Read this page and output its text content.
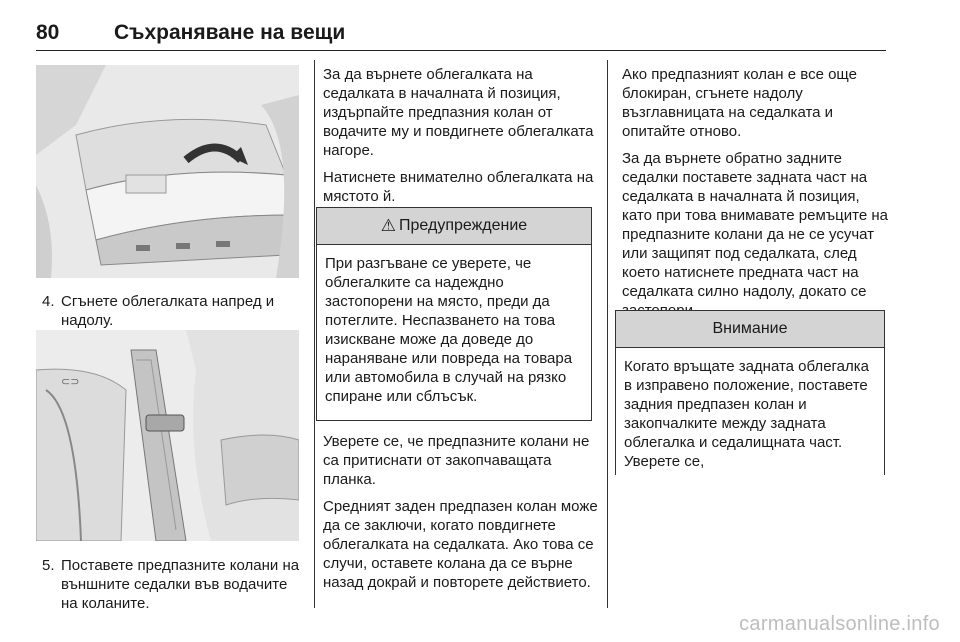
80	Съхраняване на вещи
4. Сгънете облегалката напред и надолу.
⊂⊃
5. Поставете предпазните колани на външните седалки във водачите на коланите.

За да върнете облегалката на седалката в началната й позиция, издърпайте предпазния колан от водачите му и повдигнете облегалката нагоре.

Натиснете внимателно облегалката на мястото й.

⚠ Предупреждение
При разгъване се уверете, че облегалките са надеждно застопорени на място, преди да потеглите. Неспазването на това изискване може да доведе до нараняване или повреда на товара или автомобила в случай на рязко спиране или сблъсък.

Уверете се, че предпазните колани не са притиснати от закопчаващата планка.

Средният заден предпазен колан може да се заключи, когато повдигнете облегалката на седалката. Ако това се случи, оставете колана да се върне назад докрай и повторете действието.

Ако предпазният колан е все още блокиран, сгънете надолу възглавницата на седалката и опитайте отново.

За да върнете обратно задните седалки поставете задната част на седалката в началната й позиция, като при това внимавате ремъците на предпазните колани да не се усучат или защипят под седалката, след което натиснете предната част на седалката силно надолу, докато се

Внимание
Когато връщате задната облегалка в изправено положение, поставете задния предпазен колан и закопчалките между задната облегалка и седалищната част. Уверете се,
carmanualsonline.info
